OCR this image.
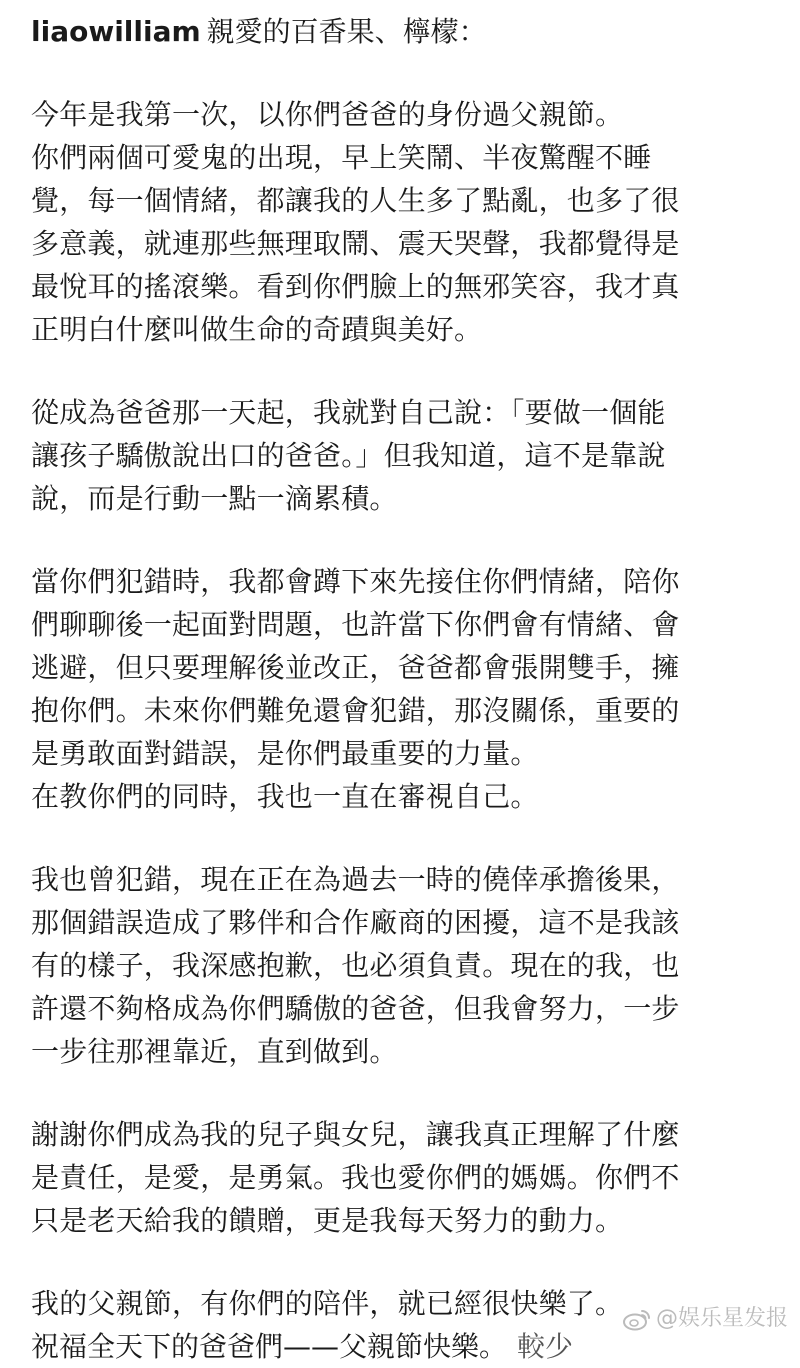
liaowilliam 親愛的百香果、檸檬：
今年是我第一次，以你們爸爸的身份過父親節。
你們兩個可愛鬼的出現，早上笑鬧、半夜驚醒不睡
覺，每一個情緒，都讓我的人生多了點亂，也多了很
多意義，就連那些無理取鬧、震天哭聲，我都覺得是
最悅耳的搖滾樂。看到你們臉上的無邪笑容，我才真
正明白什麼叫做生命的奇蹟與美好。
從成為爸爸那一天起，我就對自己說：「要做一個能
讓孩子驕傲說出口的爸爸。」但我知道，這不是靠說
說，而是行動一點一滴累積。
當你們犯錯時，我都會蹲下來先接住你們情緒，陪你
們聊聊後一起面對問題，也許當下你們會有情緒、會
逃避，但只要理解後並改正，爸爸都會張開雙手，擁
抱你們。未來你們難免還會犯錯，那沒關係，重要的
是勇敢面對錯誤，是你們最重要的力量。
在教你們的同時，我也一直在審視自己。
我也曾犯錯，現在正在為過去一時的僥倖承擔後果，
那個錯誤造成了夥伴和合作廠商的困擾，這不是我該
有的樣子，我深感抱歉，也必須負責。現在的我，也
許還不夠格成為你們驕傲的爸爸，但我會努力，一步
一步往那裡靠近，直到做到。
謝謝你們成為我的兒子與女兒，讓我真正理解了什麼
是責任，是愛，是勇氣。我也愛你們的媽媽。你們不
只是老天給我的饋贈，更是我每天努力的動力。
我的父親節，有你們的陪伴，就已經很快樂了。
祝福全天下的爸爸們——父親節快樂。 較少
@娱乐星发报
